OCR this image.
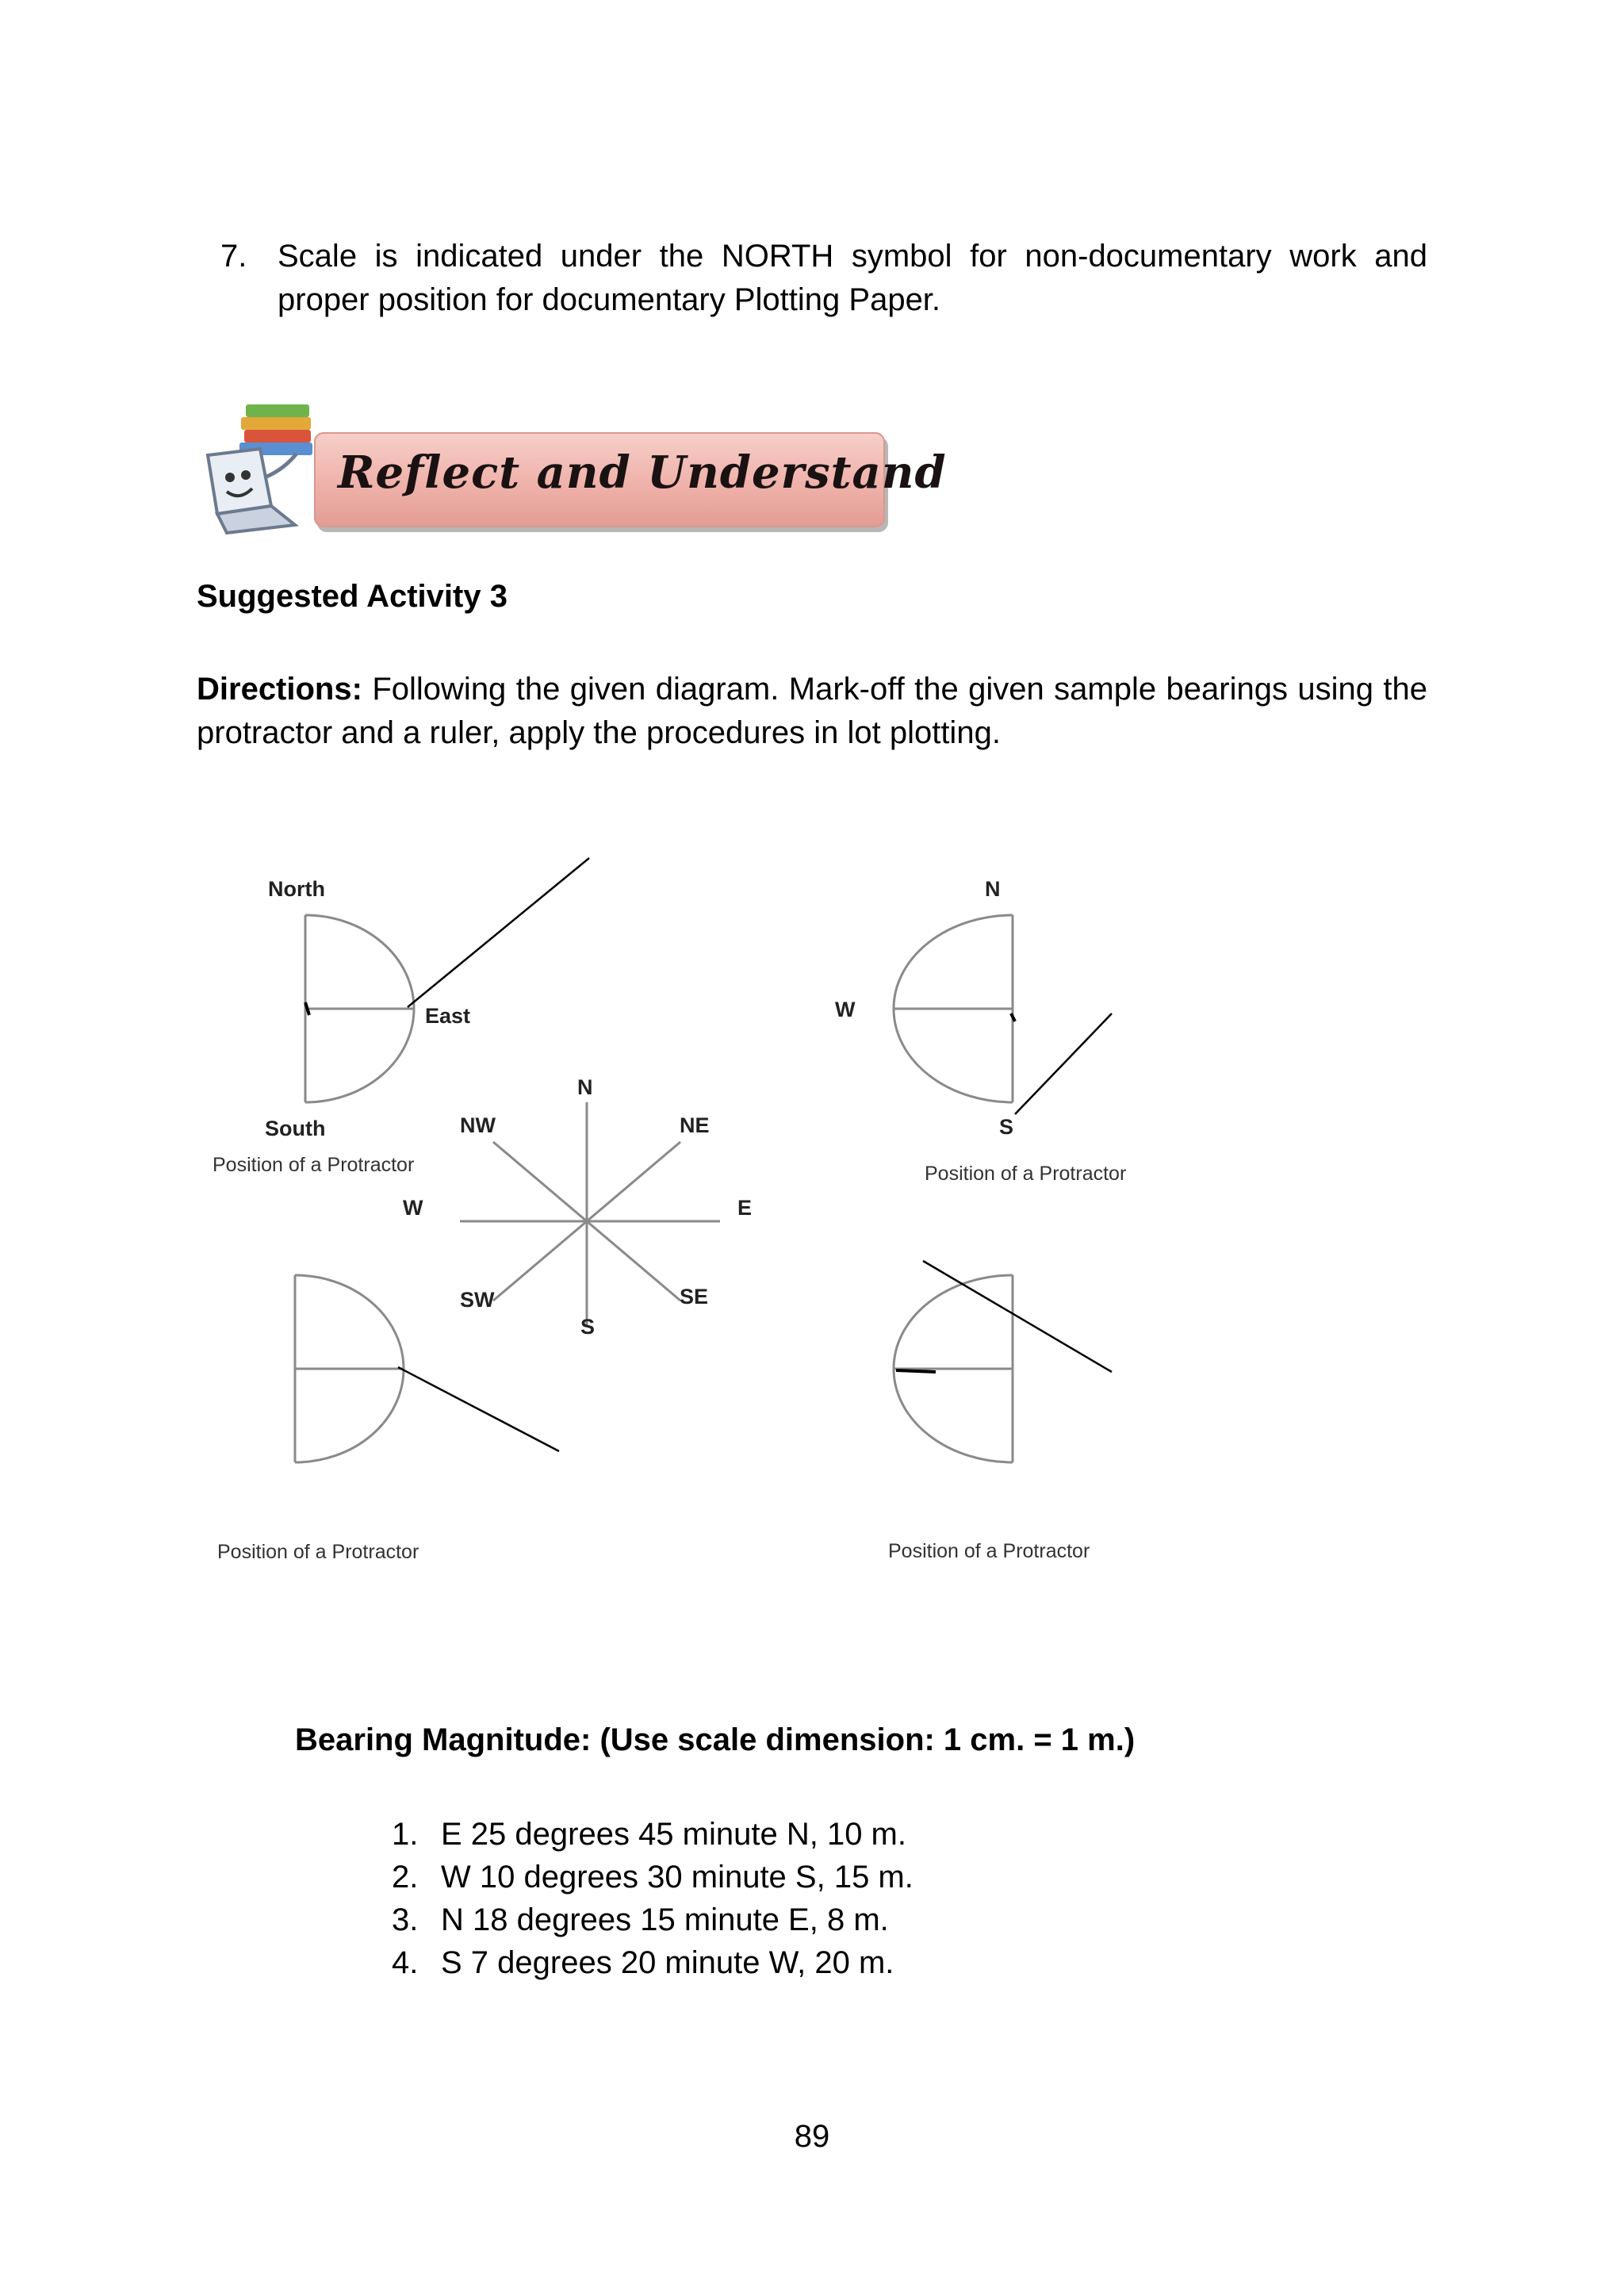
7. Scale is indicated under the NORTH symbol for non-documentary work and proper position for documentary Plotting Paper.
Reflect and Understand
Suggested Activity 3
Directions: Following the given diagram. Mark-off the given sample bearings using the protractor and a ruler, apply the procedures in lot plotting.
North
East
South
N
W
S
N
NE
E
SE
S
SW
W
NW
Position of a Protractor	Position of a Protractor
Position of a Protractor	Position of a Protractor
Bearing Magnitude: (Use scale dimension: 1 cm. = 1 m.)
1. E 25 degrees 45 minute N, 10 m.
2. W 10 degrees 30 minute S, 15 m.
3. N 18 degrees 15 minute E, 8 m.
4. S 7 degrees 20 minute W, 20 m.
89
